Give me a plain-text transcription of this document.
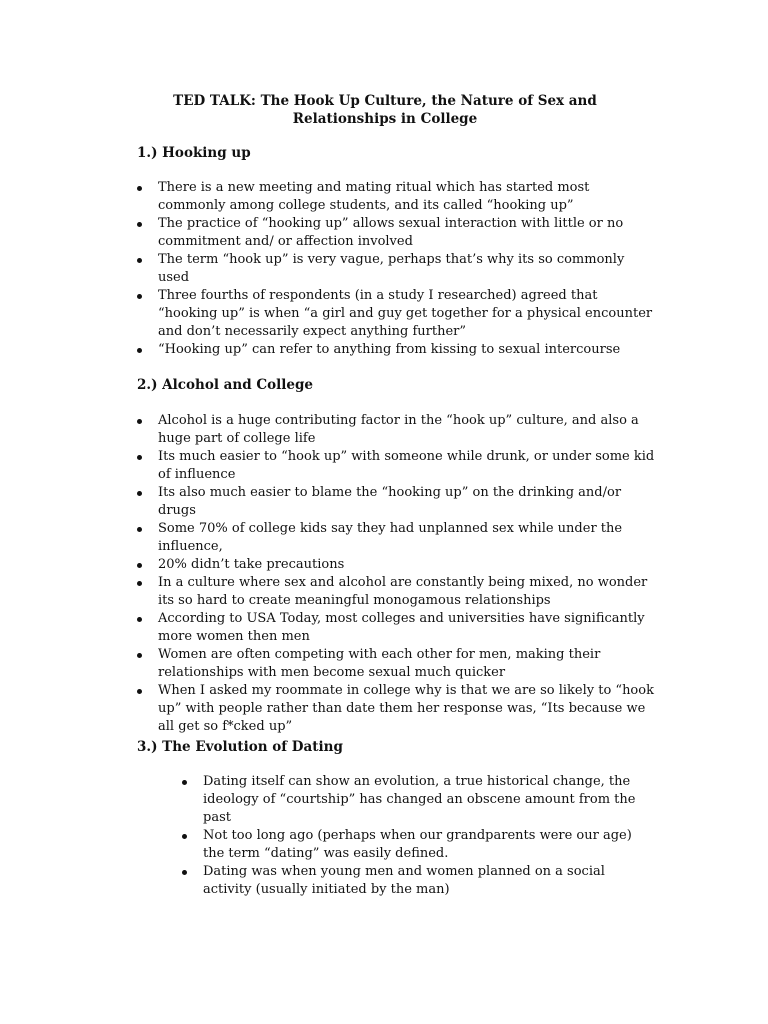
TED TALK: The Hook Up Culture, the Nature of Sex and Relationships in College
1.) Hooking up
There is a new meeting and mating ritual which has started most commonly among college students, and its called “hooking up”
The practice of “hooking up” allows sexual interaction with little or no commitment and/ or affection involved
The term “hook up” is very vague, perhaps that’s why its so commonly used
Three fourths of respondents (in a study I researched) agreed that “hooking up” is when “a girl and guy get together for a physical encounter and don’t necessarily expect anything further”
“Hooking up” can refer to anything from kissing to sexual intercourse
2.) Alcohol and College
Alcohol is a huge contributing factor in the “hook up” culture, and also a huge part of college life
Its much easier to “hook up” with someone while drunk, or under some kid of influence
Its also much easier to blame the “hooking up” on the drinking and/or drugs
Some 70% of college kids say they had unplanned sex while under the influence,
20% didn’t take precautions
In a culture where sex and alcohol are constantly being mixed, no wonder its so hard to create meaningful monogamous relationships
According to USA Today, most colleges and universities have significantly more women then men
Women are often competing with each other for men, making their relationships with men become sexual much quicker
When I asked my roommate in college why is that we are so likely to “hook up” with people rather than date them her response was, “Its because we all get so f*cked up”
3.) The Evolution of Dating
Dating itself can show an evolution, a true historical change, the ideology of “courtship” has changed an obscene amount from the past
Not too long ago (perhaps when our grandparents were our age) the term “dating” was easily defined.
Dating was when young men and women planned on a social activity (usually initiated by the man)
